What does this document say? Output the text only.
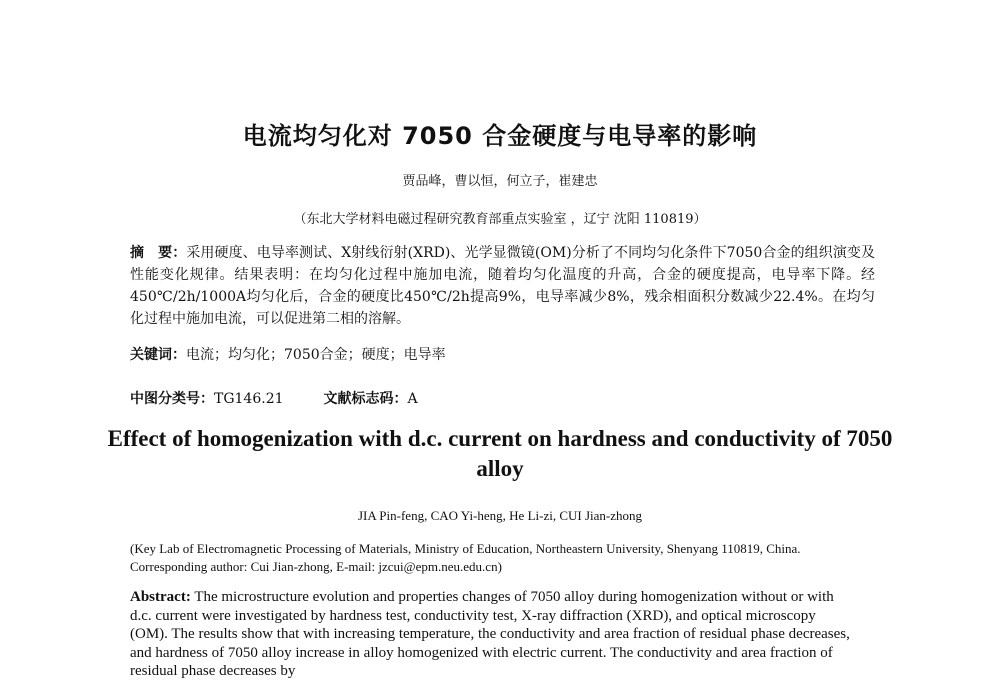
电流均匀化对 7050 合金硬度与电导率的影响
贾品峰，曹以恒，何立子，崔建忠
（东北大学材料电磁过程研究教育部重点实验室 ，辽宁 沈阳 110819）
摘　要：采用硬度、电导率测试、X射线衍射(XRD)、光学显微镜(OM)分析了不同均匀化条件下7050合金的组织演变及性能变化规律。结果表明：在均匀化过程中施加电流，随着均匀化温度的升高，合金的硬度提高，电导率下降。经450℃/2h/1000A均匀化后，合金的硬度比450℃/2h提高9%，电导率减少8%，残余相面积分数减少22.4%。在均匀化过程中施加电流，可以促进第二相的溶解。
关键词：电流；均匀化；7050合金；硬度；电导率
中图分类号：TG146.21	文献标志码：A
Effect of homogenization with d.c. current on hardness and conductivity of 7050 alloy
JIA Pin-feng, CAO Yi-heng, He Li-zi, CUI Jian-zhong
(Key Lab of Electromagnetic Processing of Materials, Ministry of Education, Northeastern University, Shenyang 110819, China. Corresponding author: Cui Jian-zhong, E-mail: jzcui@epm.neu.edu.cn)
Abstract: The microstructure evolution and properties changes of 7050 alloy during homogenization without or with d.c. current were investigated by hardness test, conductivity test, X-ray diffraction (XRD), and optical microscopy (OM). The results show that with increasing temperature, the conductivity and area fraction of residual phase decreases, and hardness of 7050 alloy increase in alloy homogenized with electric current. The conductivity and area fraction of residual phase decreases by
